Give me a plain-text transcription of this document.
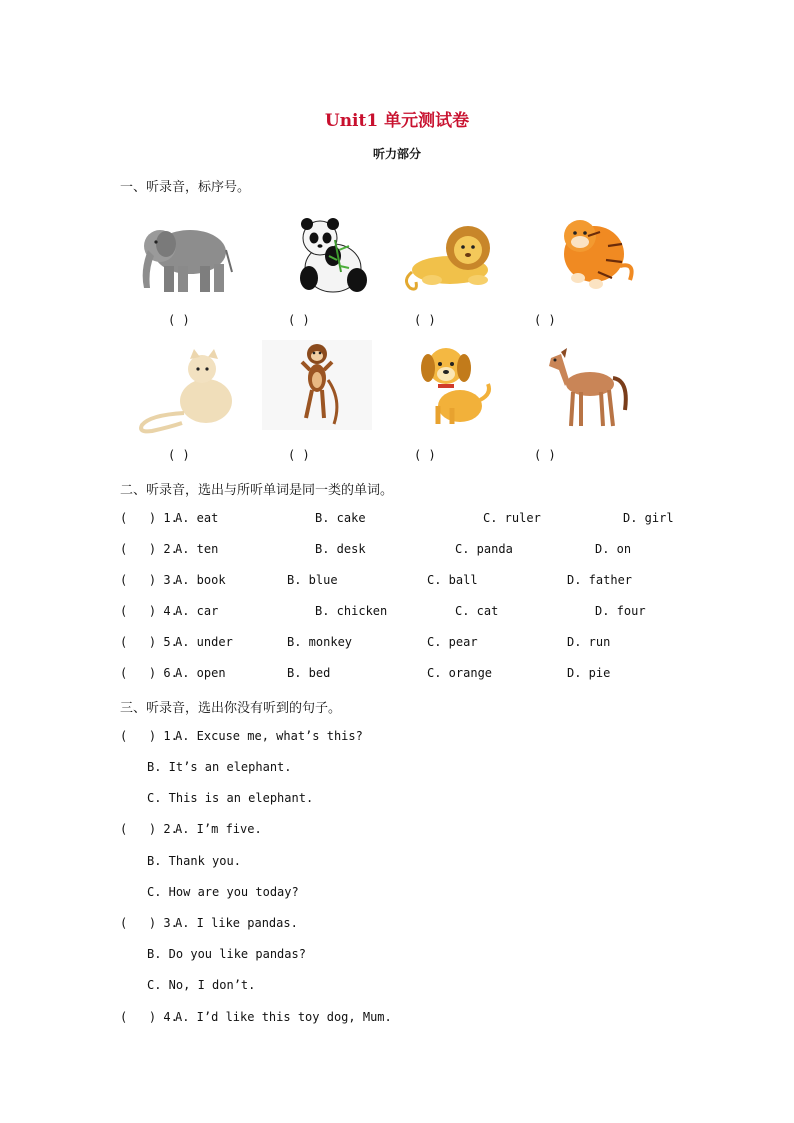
Unit1 单元测试卷
听力部分
一、听录音，标序号。
( )	( )	( )	( )
( )	( )	( )	( )
二、听录音，选出与所听单词是同一类的单词。
(   ) 1.
A. eat	B. cake	C. ruler	D. girl
(   ) 2.
A. ten	B. desk	C. panda	D. on
(   ) 3.
A. book	B. blue	C. ball	D. father
(   ) 4.
A. car	B. chicken	C. cat	D. four
(   ) 5.
A. under	B. monkey	C. pear	D. run
(   ) 6.
A. open	B. bed	C. orange	D. pie
三、听录音，选出你没有听到的句子。
(   ) 1.
A. Excuse me, what’s this?
B. It’s an elephant.
C. This is an elephant.
(   ) 2.
A. I’m five.
B. Thank you.
C. How are you today?
(   ) 3.
A. I like pandas.
B. Do you like pandas?
C. No, I don’t.
(   ) 4.
A. I’d like this toy dog, Mum.
